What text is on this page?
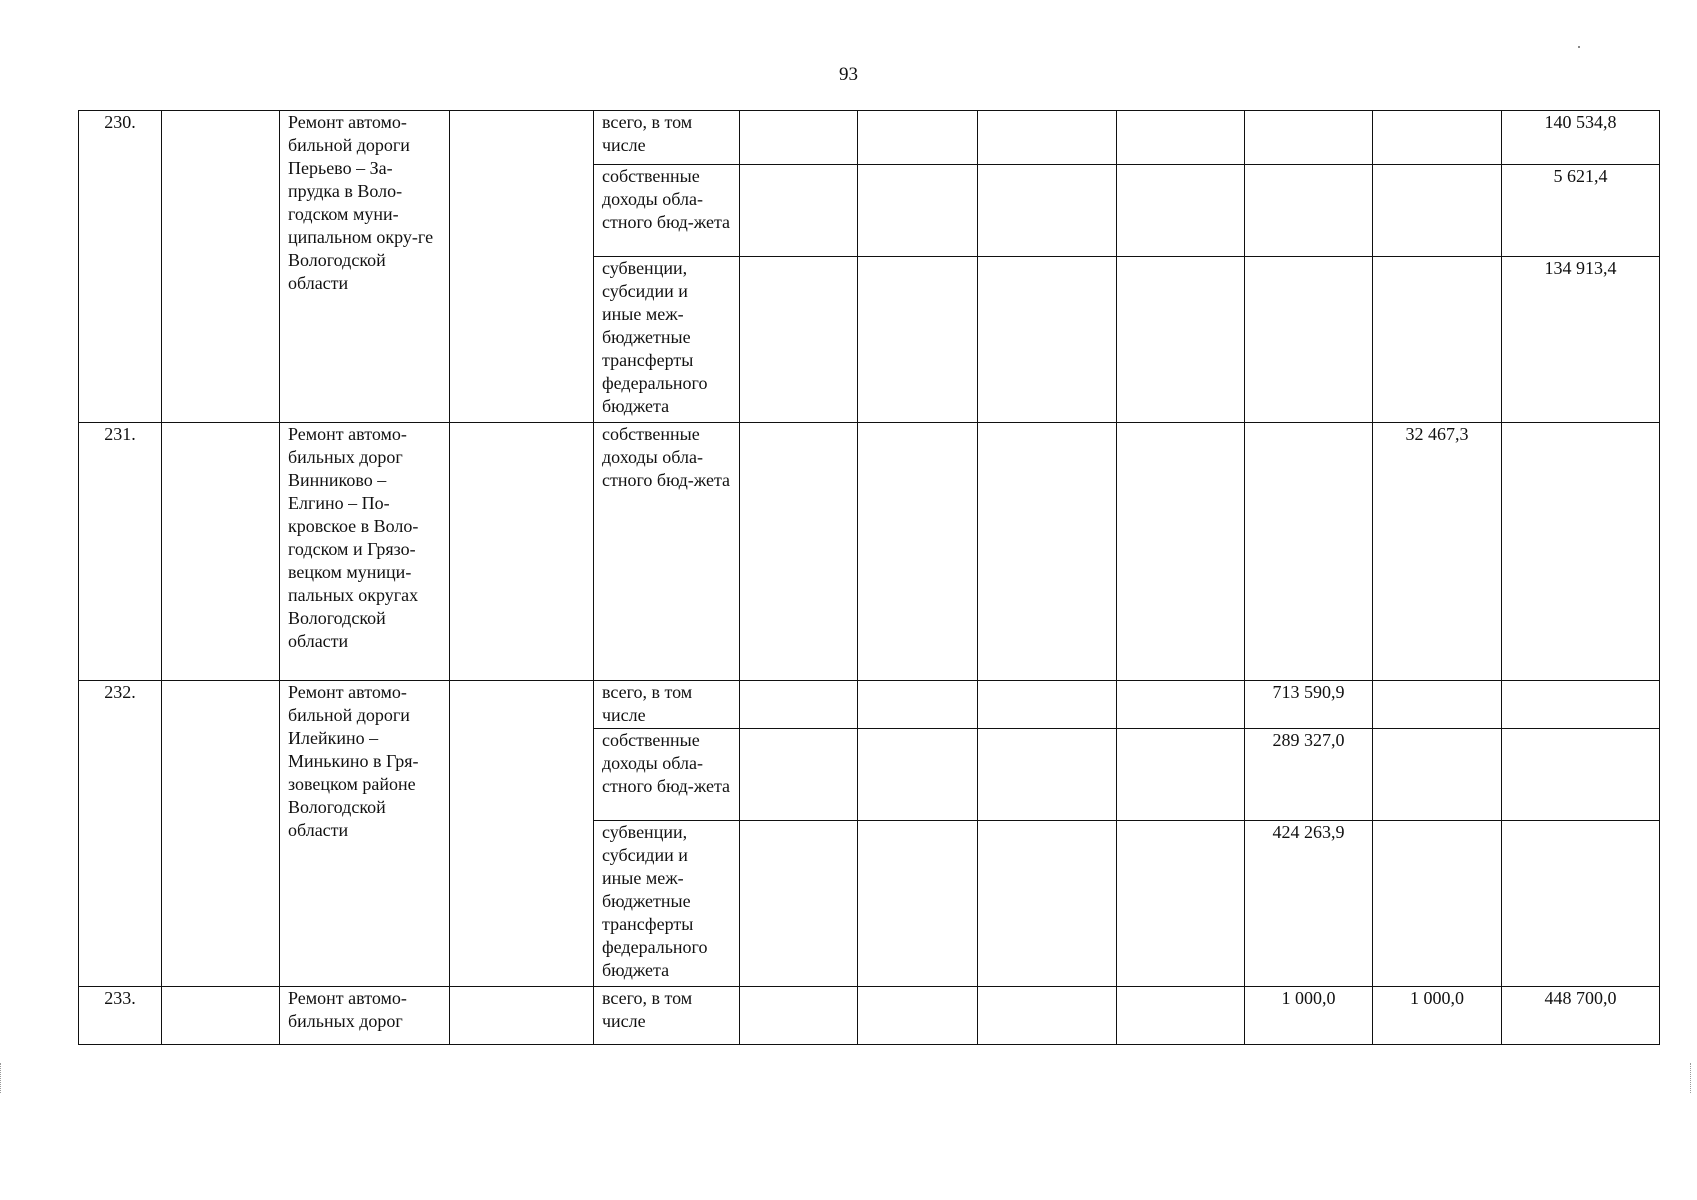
93
230.		Ремонт автомо-бильной дороги Перьево – За-прудка в Воло-годском муни-ципальном окру-ге Вологодской области		всего, в том числе							140 534,8	
				собственные доходы обла-стного бюд-жета							5 621,4	
				субвенции, субсидии и иные меж-бюджетные трансферты федерального бюджета							134 913,4	
231.		Ремонт автомо-бильных дорог Винниково – Елгино – По-кровское в Воло-годском и Грязо-вецком муници-пальных округах Вологодской области		собственные доходы обла-стного бюд-жета						32 467,3		
232.		Ремонт автомо-бильной дороги Илейкино – Минькино в Гря-зовецком районе Вологодской области		всего, в том числе					713 590,9			
				собственные доходы обла-стного бюд-жета					289 327,0			
				субвенции, субсидии и иные меж-бюджетные трансферты федерального бюджета					424 263,9			
233.		Ремонт автомо-бильных дорог		всего, в том числе					1 000,0	1 000,0	448 700,0	
